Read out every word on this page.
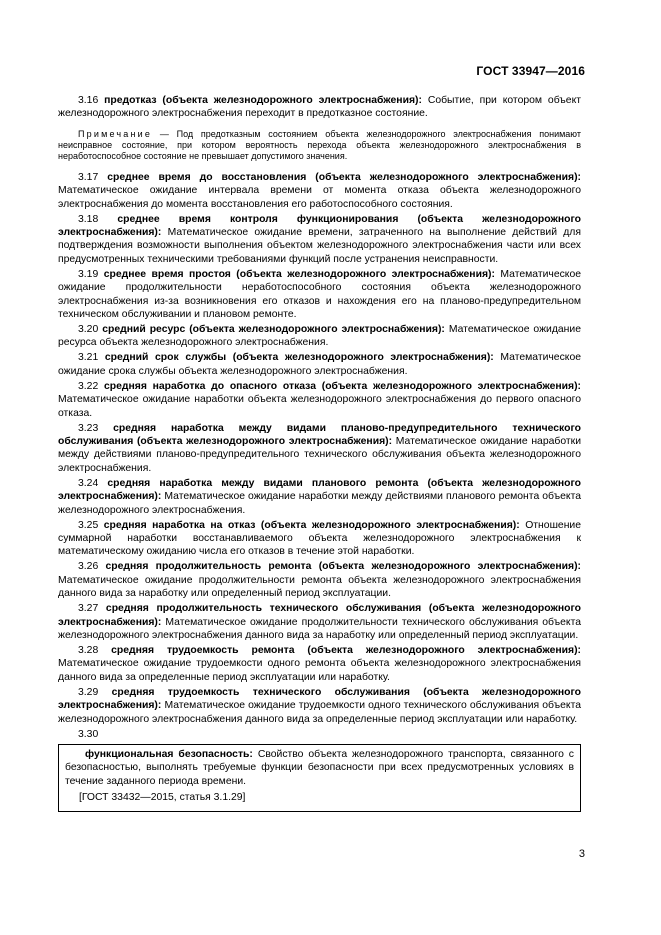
ГОСТ 33947—2016

3.16 предотказ (объекта железнодорожного электроснабжения): Событие, при котором объект железнодорожного электроснабжения переходит в предотказное состояние.

Примечание — Под предотказным состоянием объекта железнодорожного электроснабжения понимают неисправное состояние, при котором вероятность перехода объекта железнодорожного электроснабжения в неработоспособное состояние не превышает допустимого значения.

3.17 среднее время до восстановления (объекта железнодорожного электроснабжения): Математическое ожидание интервала времени от момента отказа объекта железнодорожного электроснабжения до момента восстановления его работоспособного состояния.

3.18 среднее время контроля функционирования (объекта железнодорожного электроснабжения): Математическое ожидание времени, затраченного на выполнение действий для подтверждения возможности выполнения объектом железнодорожного электроснабжения части или всех предусмотренных техническими требованиями функций после устранения неисправности.

3.19 среднее время простоя (объекта железнодорожного электроснабжения): Математическое ожидание продолжительности неработоспособного состояния объекта железнодорожного электроснабжения из-за возникновения его отказов и нахождения его на планово-предупредительном техническом обслуживании и плановом ремонте.

3.20 средний ресурс (объекта железнодорожного электроснабжения): Математическое ожидание ресурса объекта железнодорожного электроснабжения.

3.21 средний срок службы (объекта железнодорожного электроснабжения): Математическое ожидание срока службы объекта железнодорожного электроснабжения.

3.22 средняя наработка до опасного отказа (объекта железнодорожного электроснабжения): Математическое ожидание наработки объекта железнодорожного электроснабжения до первого опасного отказа.

3.23 средняя наработка между видами планово-предупредительного технического обслуживания (объекта железнодорожного электроснабжения): Математическое ожидание наработки между действиями планово-предупредительного технического обслуживания объекта железнодорожного электроснабжения.

3.24 средняя наработка между видами планового ремонта (объекта железнодорожного электроснабжения): Математическое ожидание наработки между действиями планового ремонта объекта железнодорожного электроснабжения.

3.25 средняя наработка на отказ (объекта железнодорожного электроснабжения): Отношение суммарной наработки восстанавливаемого объекта железнодорожного электроснабжения к математическому ожиданию числа его отказов в течение этой наработки.

3.26 средняя продолжительность ремонта (объекта железнодорожного электроснабжения): Математическое ожидание продолжительности ремонта объекта железнодорожного электроснабжения данного вида за наработку или определенный период эксплуатации.

3.27 средняя продолжительность технического обслуживания (объекта железнодорожного электроснабжения): Математическое ожидание продолжительности технического обслуживания объекта железнодорожного электроснабжения данного вида за наработку или определенный период эксплуатации.

3.28 средняя трудоемкость ремонта (объекта железнодорожного электроснабжения): Математическое ожидание трудоемкости одного ремонта объекта железнодорожного электроснабжения данного вида за определенные период эксплуатации или наработку.

3.29 средняя трудоемкость технического обслуживания (объекта железнодорожного электроснабжения): Математическое ожидание трудоемкости одного технического обслуживания объекта железнодорожного электроснабжения данного вида за определенные период эксплуатации или наработку.

3.30

функциональная безопасность: Свойство объекта железнодорожного транспорта, связанного с безопасностью, выполнять требуемые функции безопасности при всех предусмотренных условиях в течение заданного периода времени.

[ГОСТ 33432—2015, статья 3.1.29]
3
